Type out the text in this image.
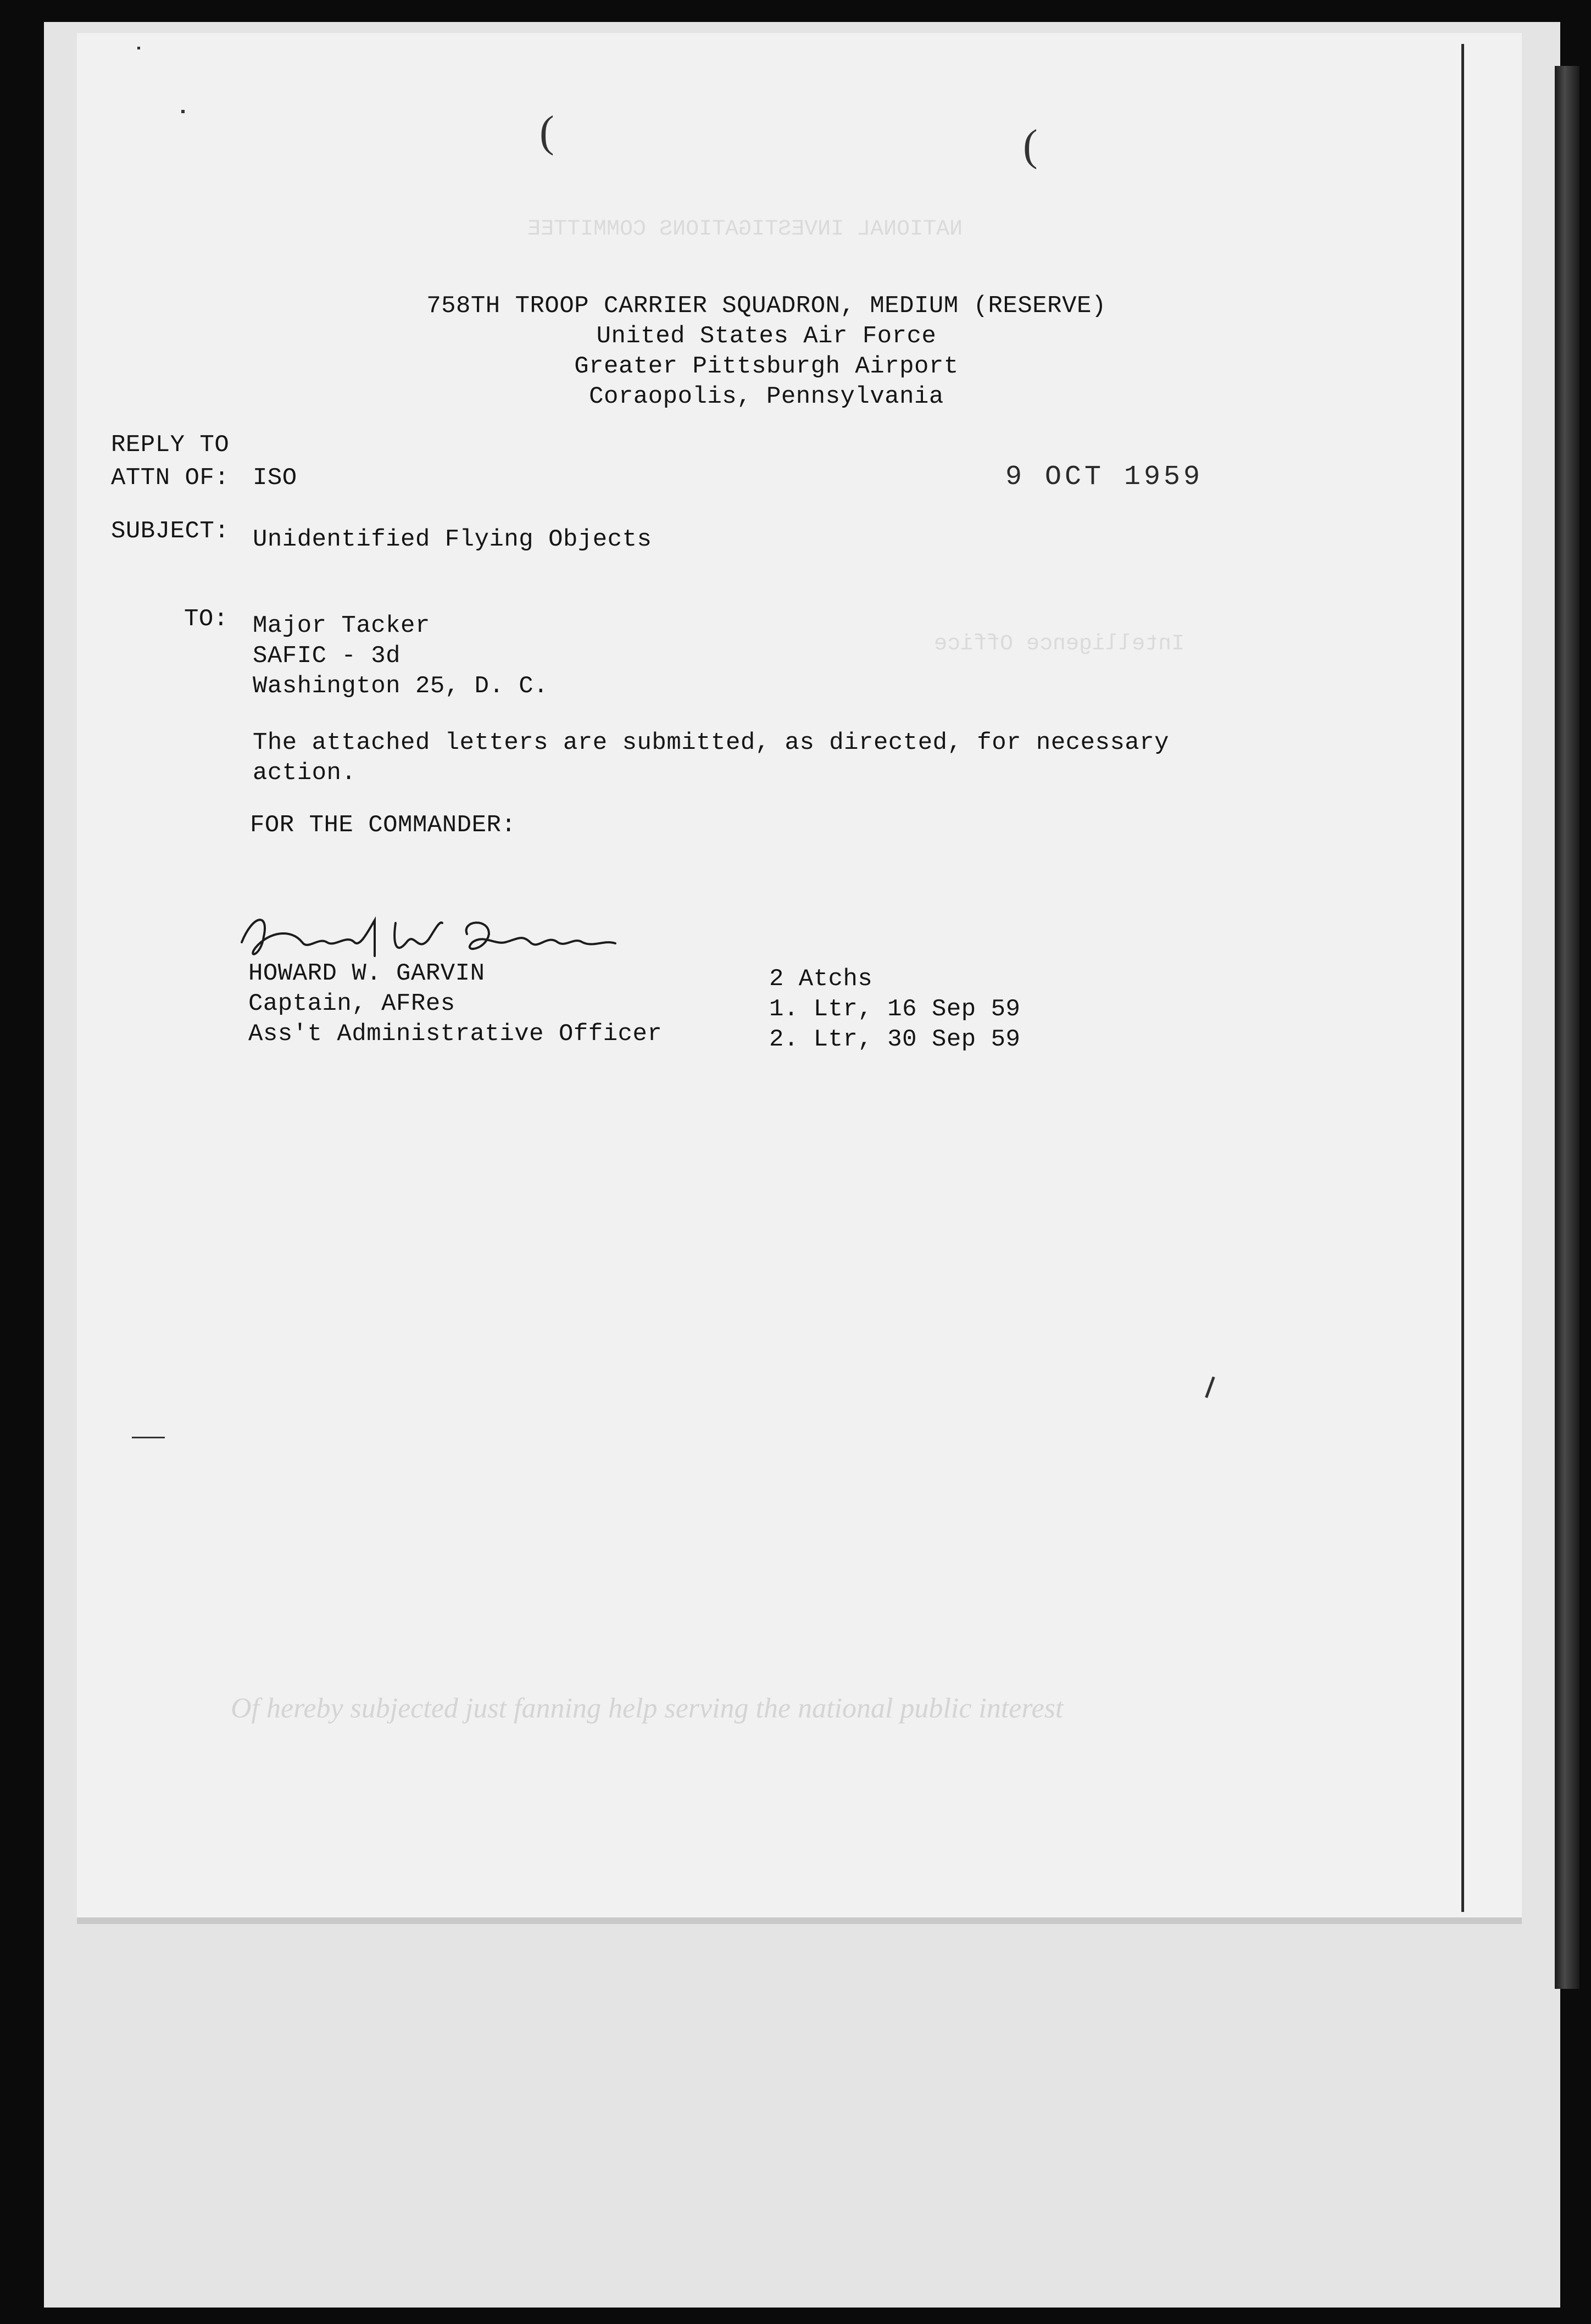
NATIONAL INVESTIGATIONS COMMITTEE
Intelligence Office
Of hereby subjected just fanning help serving the national public interest
(	(
758TH TROOP CARRIER SQUADRON, MEDIUM (RESERVE)
United States Air Force
Greater Pittsburgh Airport
Coraopolis, Pennsylvania
REPLY TO
ATTN OF: ISO	9 OCT 1959
SUBJECT: Unidentified Flying Objects
TO: Major Tacker
SAFIC - 3d
Washington 25, D. C.
The attached letters are submitted, as directed, for necessary
action.
FOR THE COMMANDER:
HOWARD W. GARVIN
Captain, AFRes
Ass't Administrative Officer
2 Atchs
1. Ltr, 16 Sep 59
2. Ltr, 30 Sep 59
